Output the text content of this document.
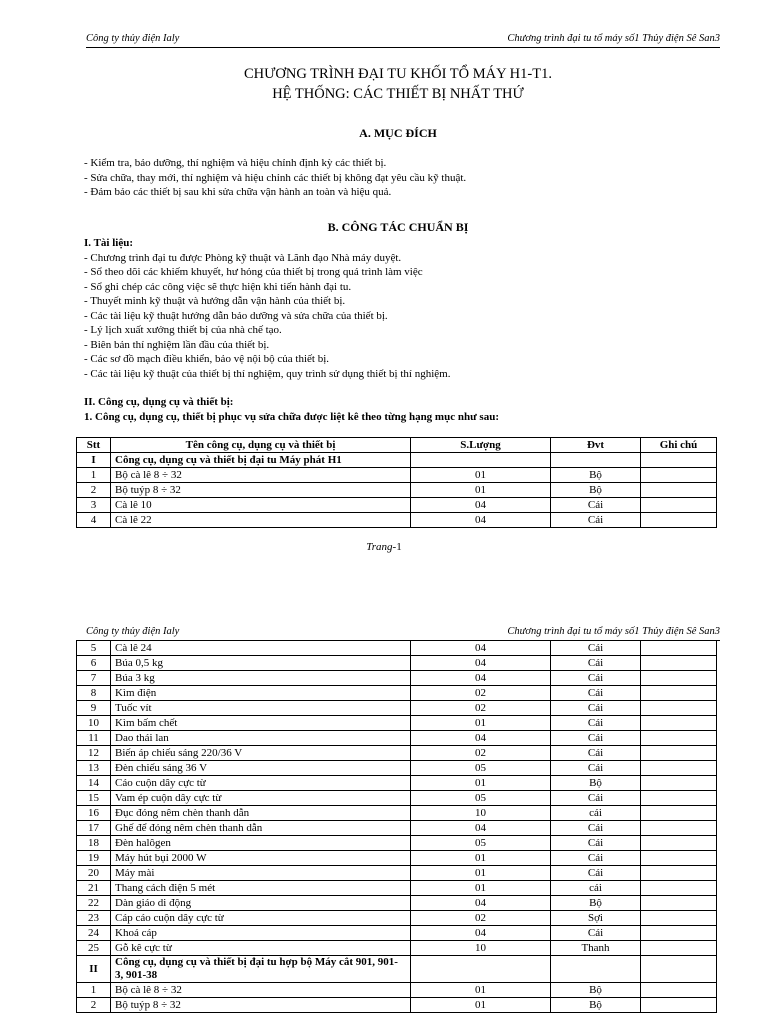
Công ty thủy điện Ialy	Chương trình đại tu tổ máy số1 Thủy điện Sê San3
CHƯƠNG TRÌNH ĐẠI TU KHỐI TỔ MÁY H1-T1.
HỆ THỐNG: CÁC THIẾT BỊ NHẤT THỨ
A. MỤC ĐÍCH
- Kiểm tra, bảo dưỡng, thí nghiệm và hiệu chỉnh định kỳ các thiết bị.
- Sửa chữa, thay mới, thí nghiệm và hiệu chỉnh các thiết bị không đạt yêu cầu kỹ thuật.
- Đảm bảo các thiết bị sau khi sửa chữa vận hành an toàn và hiệu quả.
B. CÔNG TÁC CHUẨN BỊ
I. Tài liệu:
- Chương trình đại tu được Phòng kỹ thuật và Lãnh đạo Nhà máy duyệt.
- Sổ theo dõi các khiếm khuyết, hư hỏng của thiết bị trong quá trình làm việc
- Sổ ghi chép các công việc sẽ thực hiện khi tiến hành đại tu.
- Thuyết minh kỹ thuật và hướng dẫn vận hành của thiết bị.
- Các tài liệu kỹ thuật hướng dẫn bảo dưỡng và sửa chữa của thiết bị.
- Lý lịch xuất xưởng thiết bị của nhà chế tạo.
- Biên bản thí nghiệm lần đầu của thiết bị.
- Các sơ đồ mạch điều khiển, bảo vệ nội bộ của thiết bị.
- Các tài liệu kỹ thuật của thiết bị thí nghiệm, quy trình sử dụng thiết bị thí nghiệm.
II. Công cụ, dụng cụ và thiết bị:
1. Công cụ, dụng cụ, thiết bị phục vụ sửa chữa được liệt kê theo từng hạng mục như sau:
Stt	Tên công cụ, dụng cụ và thiết bị	S.Lượng	Đvt	Ghi chú
I	Công cụ, dụng cụ và thiết bị đại tu Máy phát H1			
1	Bộ cà lê 8 ÷ 32	01	Bộ	
2	Bộ tuýp 8 ÷ 32	01	Bộ	
3	Cà lê 10	04	Cái	
4	Cà lê 22	04	Cái	
Trang-1
Công ty thủy điện Ialy	Chương trình đại tu tổ máy số1 Thủy điện Sê San3
5	Cà lê 24	04	Cái	
6	Búa 0,5 kg	04	Cái	
7	Búa 3 kg	04	Cái	
8	Kìm điện	02	Cái	
9	Tuốc vít	02	Cái	
10	Kìm bấm chết	01	Cái	
11	Dao thái lan	04	Cái	
12	Biến áp chiếu sáng 220/36 V	02	Cái	
13	Đèn chiếu sáng 36 V	05	Cái	
14	Cáo cuộn dây cực từ	01	Bộ	
15	Vam ép cuộn dây cực từ	05	Cái	
16	Đục đóng nêm chèn thanh dẫn	10	cái	
17	Ghế để đóng nêm chèn thanh dẫn	04	Cái	
18	Đèn halôgen	05	Cái	
19	Máy hút bụi 2000 W	01	Cái	
20	Máy mài	01	Cái	
21	Thang cách điện 5 mét	01	cái	
22	Dàn giáo di động	04	Bộ	
23	Cáp cáo cuộn dây cực từ	02	Sợi	
24	Khoá cáp	04	Cái	
25	Gỗ kê cực từ	10	Thanh	
II	Công cụ, dụng cụ và thiết bị đại tu hợp bộ Máy cắt 901, 901-3, 901-38			
1	Bộ cà lê 8 ÷ 32	01	Bộ	
2	Bộ tuýp 8 ÷ 32	01	Bộ	
